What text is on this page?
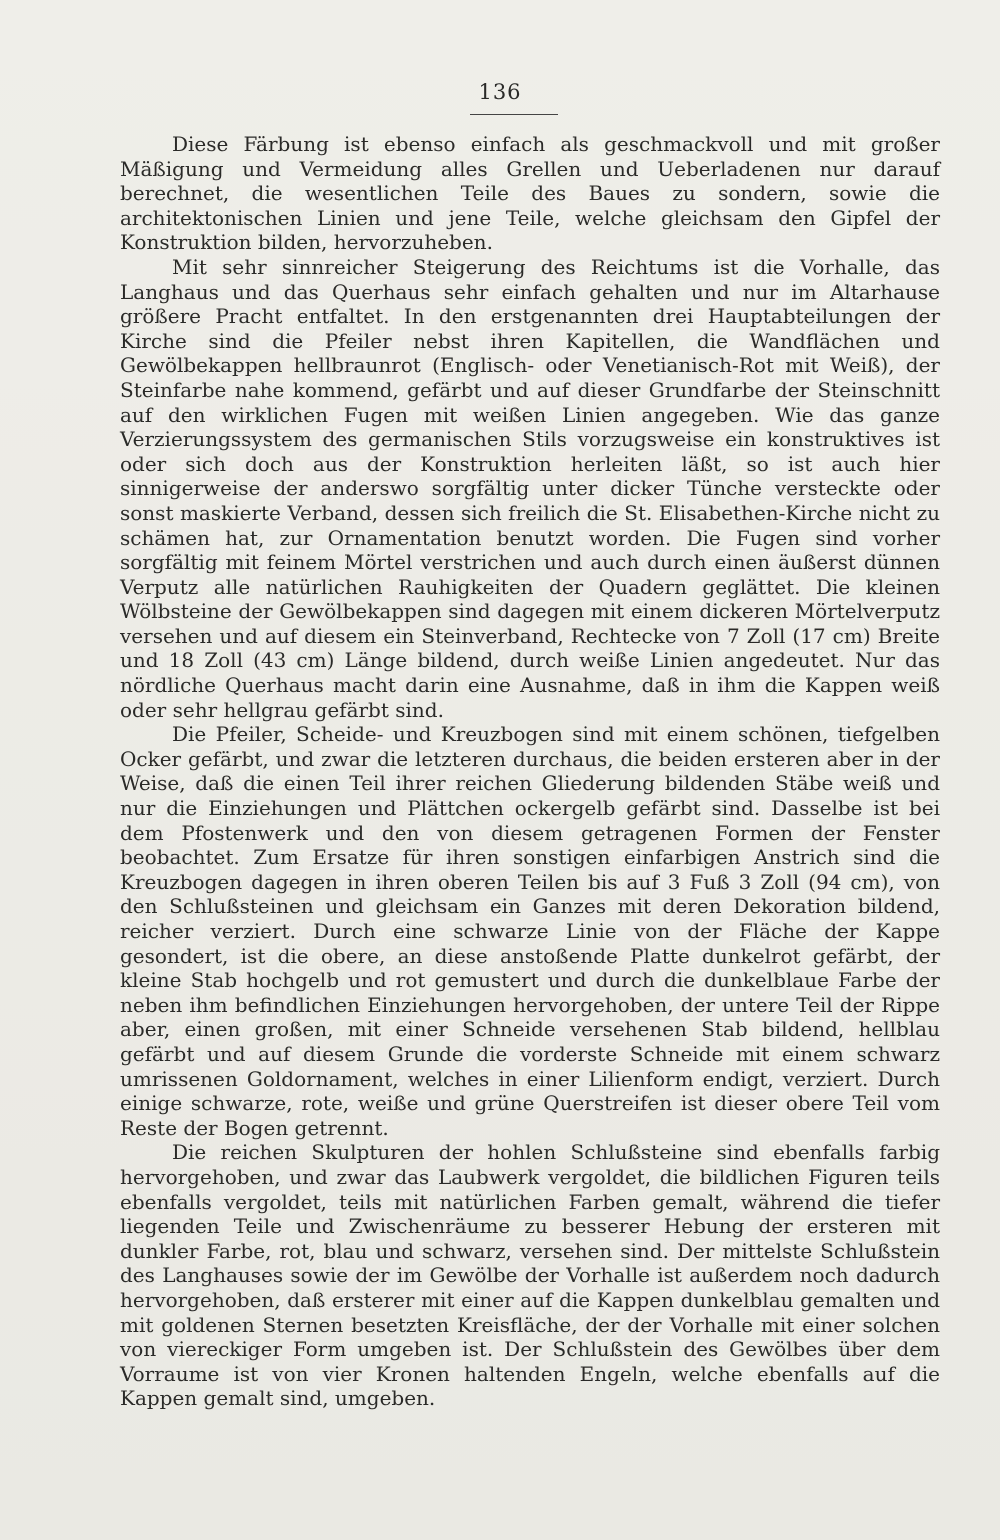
136

Diese Färbung ist ebenso einfach als geschmackvoll und mit großer Mäßigung und Vermeidung alles Grellen und Ueberladenen nur darauf berechnet, die wesentlichen Teile des Baues zu sondern, sowie die architektonischen Linien und jene Teile, welche gleichsam den Gipfel der Konstruktion bilden, hervorzuheben.

Mit sehr sinnreicher Steigerung des Reichtums ist die Vorhalle, das Langhaus und das Querhaus sehr einfach gehalten und nur im Altarhause größere Pracht entfaltet. In den erstgenannten drei Hauptabteilungen der Kirche sind die Pfeiler nebst ihren Kapitellen, die Wandflächen und Gewölbekappen hellbraunrot (Englisch- oder Venetianisch-Rot mit Weiß), der Steinfarbe nahe kommend, gefärbt und auf dieser Grundfarbe der Steinschnitt auf den wirklichen Fugen mit weißen Linien angegeben. Wie das ganze Verzierungssystem des germanischen Stils vorzugsweise ein konstruktives ist oder sich doch aus der Konstruktion herleiten läßt, so ist auch hier sinnigerweise der anderswo sorgfältig unter dicker Tünche versteckte oder sonst maskierte Verband, dessen sich freilich die St. Elisabethen-Kirche nicht zu schämen hat, zur Ornamentation benutzt worden. Die Fugen sind vorher sorgfältig mit feinem Mörtel verstrichen und auch durch einen äußerst dünnen Verputz alle natürlichen Rauhigkeiten der Quadern geglättet. Die kleinen Wölbsteine der Gewölbekappen sind dagegen mit einem dickeren Mörtelverputz versehen und auf diesem ein Steinverband, Rechtecke von 7 Zoll (17 cm) Breite und 18 Zoll (43 cm) Länge bildend, durch weiße Linien angedeutet. Nur das nördliche Querhaus macht darin eine Ausnahme, daß in ihm die Kappen weiß oder sehr hellgrau gefärbt sind.

Die Pfeiler, Scheide- und Kreuzbogen sind mit einem schönen, tiefgelben Ocker gefärbt, und zwar die letzteren durchaus, die beiden ersteren aber in der Weise, daß die einen Teil ihrer reichen Gliederung bildenden Stäbe weiß und nur die Einziehungen und Plättchen ockergelb gefärbt sind. Dasselbe ist bei dem Pfostenwerk und den von diesem getragenen Formen der Fenster beobachtet. Zum Ersatze für ihren sonstigen einfarbigen Anstrich sind die Kreuzbogen dagegen in ihren oberen Teilen bis auf 3 Fuß 3 Zoll (94 cm), von den Schlußsteinen und gleichsam ein Ganzes mit deren Dekoration bildend, reicher verziert. Durch eine schwarze Linie von der Fläche der Kappe gesondert, ist die obere, an diese anstoßende Platte dunkelrot gefärbt, der kleine Stab hochgelb und rot gemustert und durch die dunkelblaue Farbe der neben ihm befindlichen Einziehungen hervorgehoben, der untere Teil der Rippe aber, einen großen, mit einer Schneide versehenen Stab bildend, hellblau gefärbt und auf diesem Grunde die vorderste Schneide mit einem schwarz umrissenen Goldornament, welches in einer Lilienform endigt, verziert. Durch einige schwarze, rote, weiße und grüne Querstreifen ist dieser obere Teil vom Reste der Bogen getrennt.

Die reichen Skulpturen der hohlen Schlußsteine sind ebenfalls farbig hervorgehoben, und zwar das Laubwerk vergoldet, die bildlichen Figuren teils ebenfalls vergoldet, teils mit natürlichen Farben gemalt, während die tiefer liegenden Teile und Zwischenräume zu besserer Hebung der ersteren mit dunkler Farbe, rot, blau und schwarz, versehen sind. Der mittelste Schlußstein des Langhauses sowie der im Gewölbe der Vorhalle ist außerdem noch dadurch hervorgehoben, daß ersterer mit einer auf die Kappen dunkelblau gemalten und mit goldenen Sternen besetzten Kreisfläche, der der Vorhalle mit einer solchen von viereckiger Form umgeben ist. Der Schlußstein des Gewölbes über dem Vorraume ist von vier Kronen haltenden Engeln, welche ebenfalls auf die Kappen gemalt sind, umgeben.
